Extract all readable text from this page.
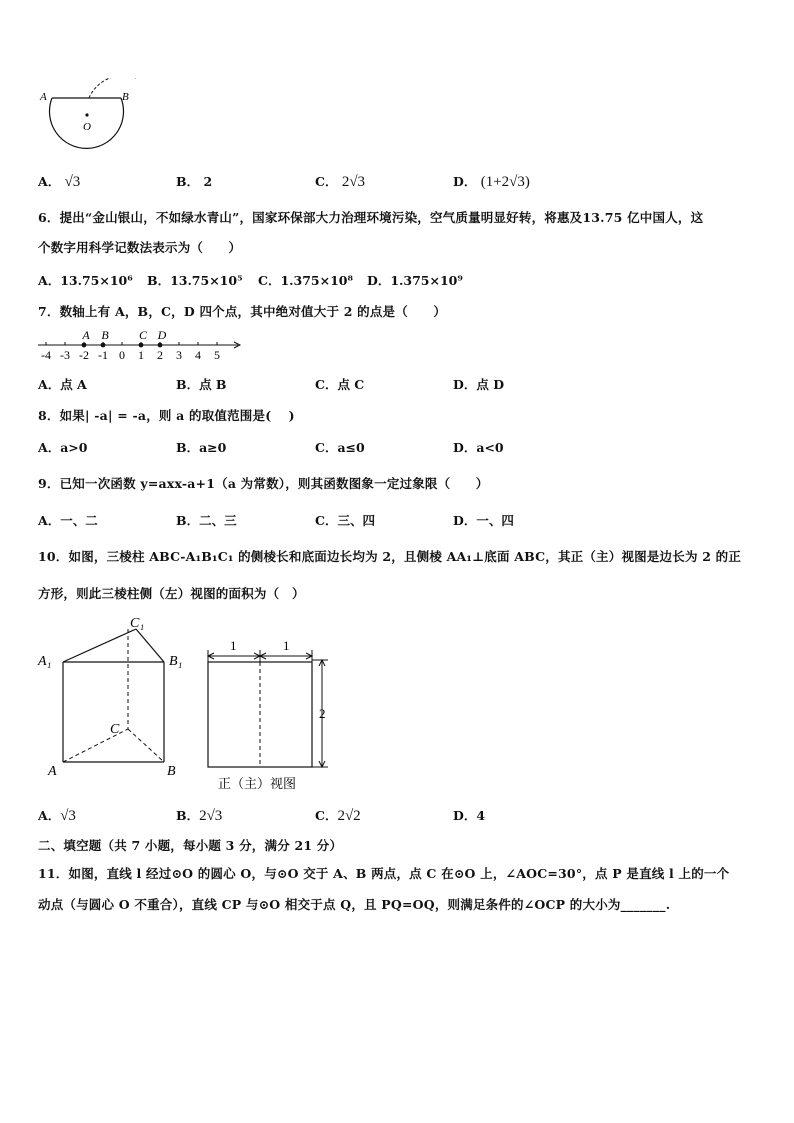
A	B
O
A． √3	B． 2	C． 2√3	D． (1+2√3)
6．提出“金山银山，不如绿水青山”，国家环保部大力治理环境污染，空气质量明显好转，将惠及13.75 亿中国人，这
个数字用科学记数法表示为（　　）
A．13.75×10⁶ B．13.75×10⁵ C．1.375×10⁸ D．1.375×10⁹
7．数轴上有 A，B，C，D 四个点，其中绝对值大于 2 的点是（　　）
-4 -3 -2 -1 0 1 2 3 4 5
A B	C D
A．点 A	B．点 B	C．点 C	D．点 D
8．如果| -a| = -a，则 a 的取值范围是(　 )
A．a>0	B．a≥0	C．a≤0	D．a<0
9．已知一次函数 y=axx-a+1（a 为常数），则其函数图象一定过象限（　　）
A．一、二	B．二、三	C．三、四	D．一、四
10．如图，三棱柱 ABC-A₁B₁C₁ 的侧棱长和底面边长均为 2，且侧棱 AA₁⊥底面 ABC，其正（主）视图是边长为 2 的正
方形，则此三棱柱侧（左）视图的面积为（　）
C₁
A₁	B₁
C
A	B
1	1
2
正（主）视图
A．√3	B．2√3	C．2√2	D．4
二、填空题（共 7 小题，每小题 3 分，满分 21 分）
11．如图，直线 l 经过⊙O 的圆心 O，与⊙O 交于 A、B 两点，点 C 在⊙O 上，∠AOC=30°，点 P 是直线 l 上的一个
动点（与圆心 O 不重合），直线 CP 与⊙O 相交于点 Q，且 PQ=OQ，则满足条件的∠OCP 的大小为_______.
